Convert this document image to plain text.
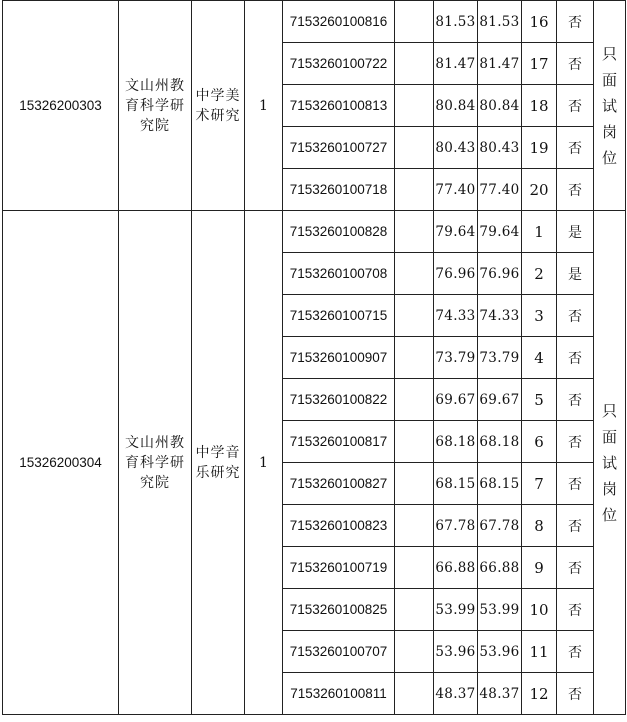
15326200303	文山州教育科学研究院	中学美术研究	1	7153260100816		81.53	81.53	16	否	只面试岗位
				7153260100722		81.47	81.47	17	否	
				7153260100813		80.84	80.84	18	否	
				7153260100727		80.43	80.43	19	否	
				7153260100718		77.40	77.40	20	否	
15326200304	文山州教育科学研究院	中学音乐研究	1	7153260100828		79.64	79.64	1	是	只面试岗位
				7153260100708		76.96	76.96	2	是	
				7153260100715		74.33	74.33	3	否	
				7153260100907		73.79	73.79	4	否	
				7153260100822		69.67	69.67	5	否	
				7153260100817		68.18	68.18	6	否	
				7153260100827		68.15	68.15	7	否	
				7153260100823		67.78	67.78	8	否	
				7153260100719		66.88	66.88	9	否	
				7153260100825		53.99	53.99	10	否	
				7153260100707		53.96	53.96	11	否	
				7153260100811		48.37	48.37	12	否	
